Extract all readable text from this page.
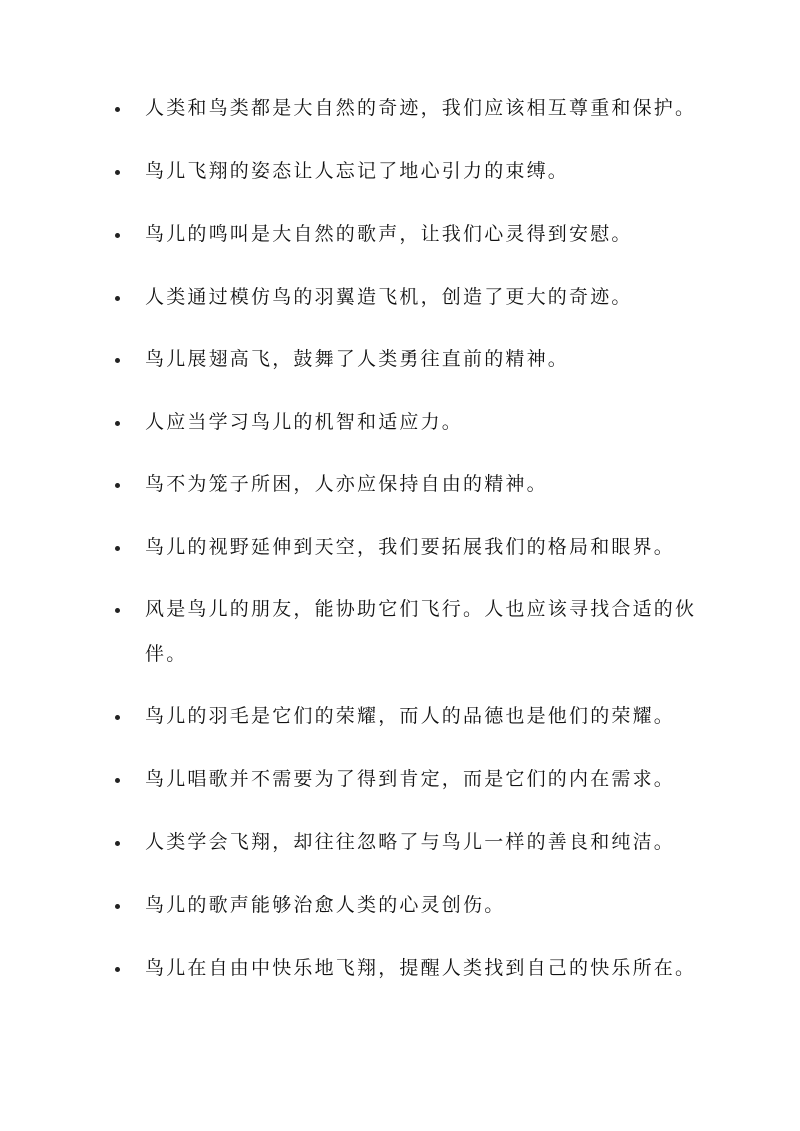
人类和鸟类都是大自然的奇迹，我们应该相互尊重和保护。
鸟儿飞翔的姿态让人忘记了地心引力的束缚。
鸟儿的鸣叫是大自然的歌声，让我们心灵得到安慰。
人类通过模仿鸟的羽翼造飞机，创造了更大的奇迹。
鸟儿展翅高飞，鼓舞了人类勇往直前的精神。
人应当学习鸟儿的机智和适应力。
鸟不为笼子所困，人亦应保持自由的精神。
鸟儿的视野延伸到天空，我们要拓展我们的格局和眼界。
风是鸟儿的朋友，能协助它们飞行。人也应该寻找合适的伙伴。
鸟儿的羽毛是它们的荣耀，而人的品德也是他们的荣耀。
鸟儿唱歌并不需要为了得到肯定，而是它们的内在需求。
人类学会飞翔，却往往忽略了与鸟儿一样的善良和纯洁。
鸟儿的歌声能够治愈人类的心灵创伤。
鸟儿在自由中快乐地飞翔，提醒人类找到自己的快乐所在。
